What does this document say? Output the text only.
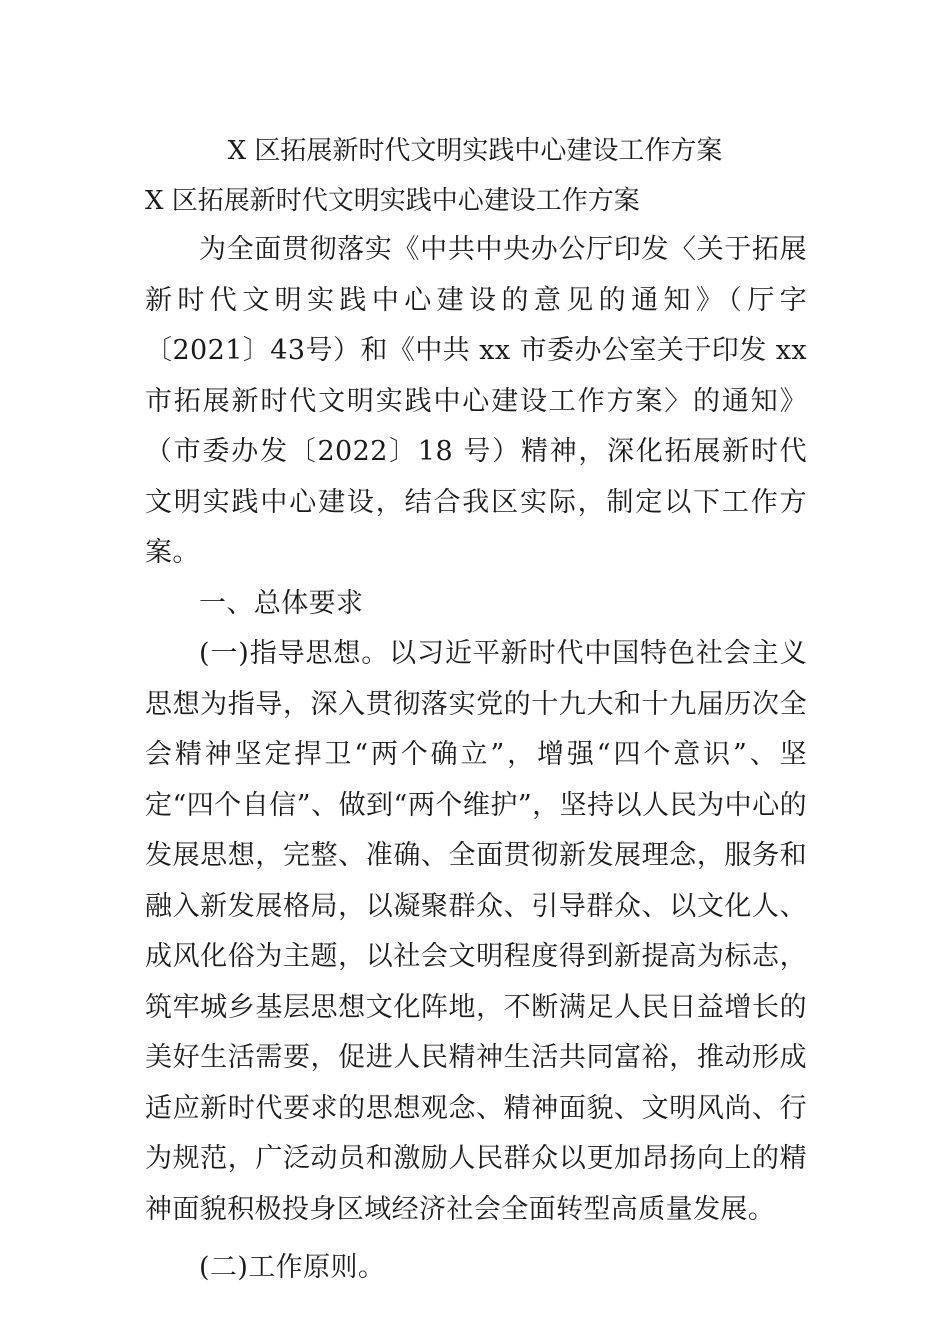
X 区拓展新时代文明实践中心建设工作方案
X 区拓展新时代文明实践中心建设工作方案

为全面贯彻落实《中共中央办公厅印发〈关于拓展新时代文明实践中心建设的意见的通知》（厅字〔2021〕43号）和《中共 xx 市委办公室关于印发 xx 市拓展新时代文明实践中心建设工作方案〉的通知》（市委办发〔2022〕18 号）精神，深化拓展新时代文明实践中心建设，结合我区实际，制定以下工作方案。

一、总体要求

(一)指导思想。以习近平新时代中国特色社会主义思想为指导，深入贯彻落实党的十九大和十九届历次全会精神坚定捍卫“两个确立”，增强“四个意识”、坚定“四个自信”、做到“两个维护”，坚持以人民为中心的发展思想，完整、准确、全面贯彻新发展理念，服务和融入新发展格局，以凝聚群众、引导群众、以文化人、成风化俗为主题，以社会文明程度得到新提高为标志，筑牢城乡基层思想文化阵地，不断满足人民日益增长的美好生活需要，促进人民精神生活共同富裕，推动形成适应新时代要求的思想观念、精神面貌、文明风尚、行为规范，广泛动员和激励人民群众以更加昂扬向上的精神面貌积极投身区域经济社会全面转型高质量发展。

(二)工作原则。
